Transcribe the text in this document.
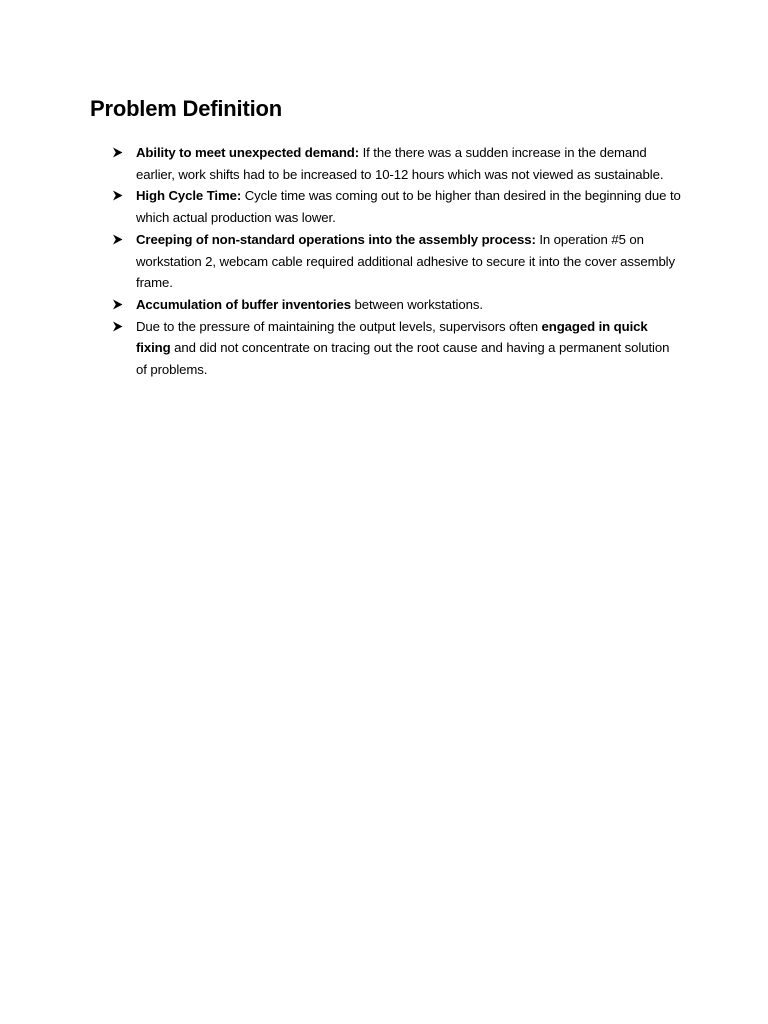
Problem Definition
Ability to meet unexpected demand: If the there was a sudden increase in the demand earlier, work shifts had to be increased to 10-12 hours which was not viewed as sustainable.
High Cycle Time: Cycle time was coming out to be higher than desired in the beginning due to which actual production was lower.
Creeping of non-standard operations into the assembly process: In operation #5 on workstation 2, webcam cable required additional adhesive to secure it into the cover assembly frame.
Accumulation of buffer inventories between workstations.
Due to the pressure of maintaining the output levels, supervisors often engaged in quick fixing and did not concentrate on tracing out the root cause and having a permanent solution of problems.
